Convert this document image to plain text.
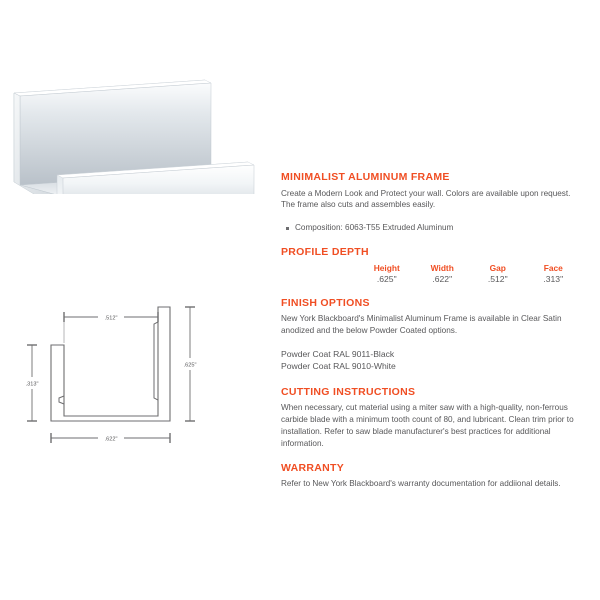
.512"
.625"
.313"
.622"
MINIMALIST ALUMINUM FRAME

Create a Modern Look and Protect your wall. Colors are available upon request. The frame also cuts and assembles easily.

Composition: 6063-T55 Extruded Aluminum
PROFILE DEPTH
	Height	Width	Gap	Face
	.625"	.622"	.512"	.313"
FINISH OPTIONS

New York Blackboard's Minimalist Aluminum Frame is available in Clear Satin anodized and the below Powder Coated options.

Powder Coat RAL 9011-Black
Powder Coat RAL 9010-White
CUTTING INSTRUCTIONS

When necessary, cut material using a miter saw with a high-quality, non-ferrous carbide blade with a minimum tooth count of 80, and lubricant. Clean trim prior to installation. Refer to saw blade manufacturer's best practices for additional information.

WARRANTY

Refer to New York Blackboard's warranty documentation for addiional details.
